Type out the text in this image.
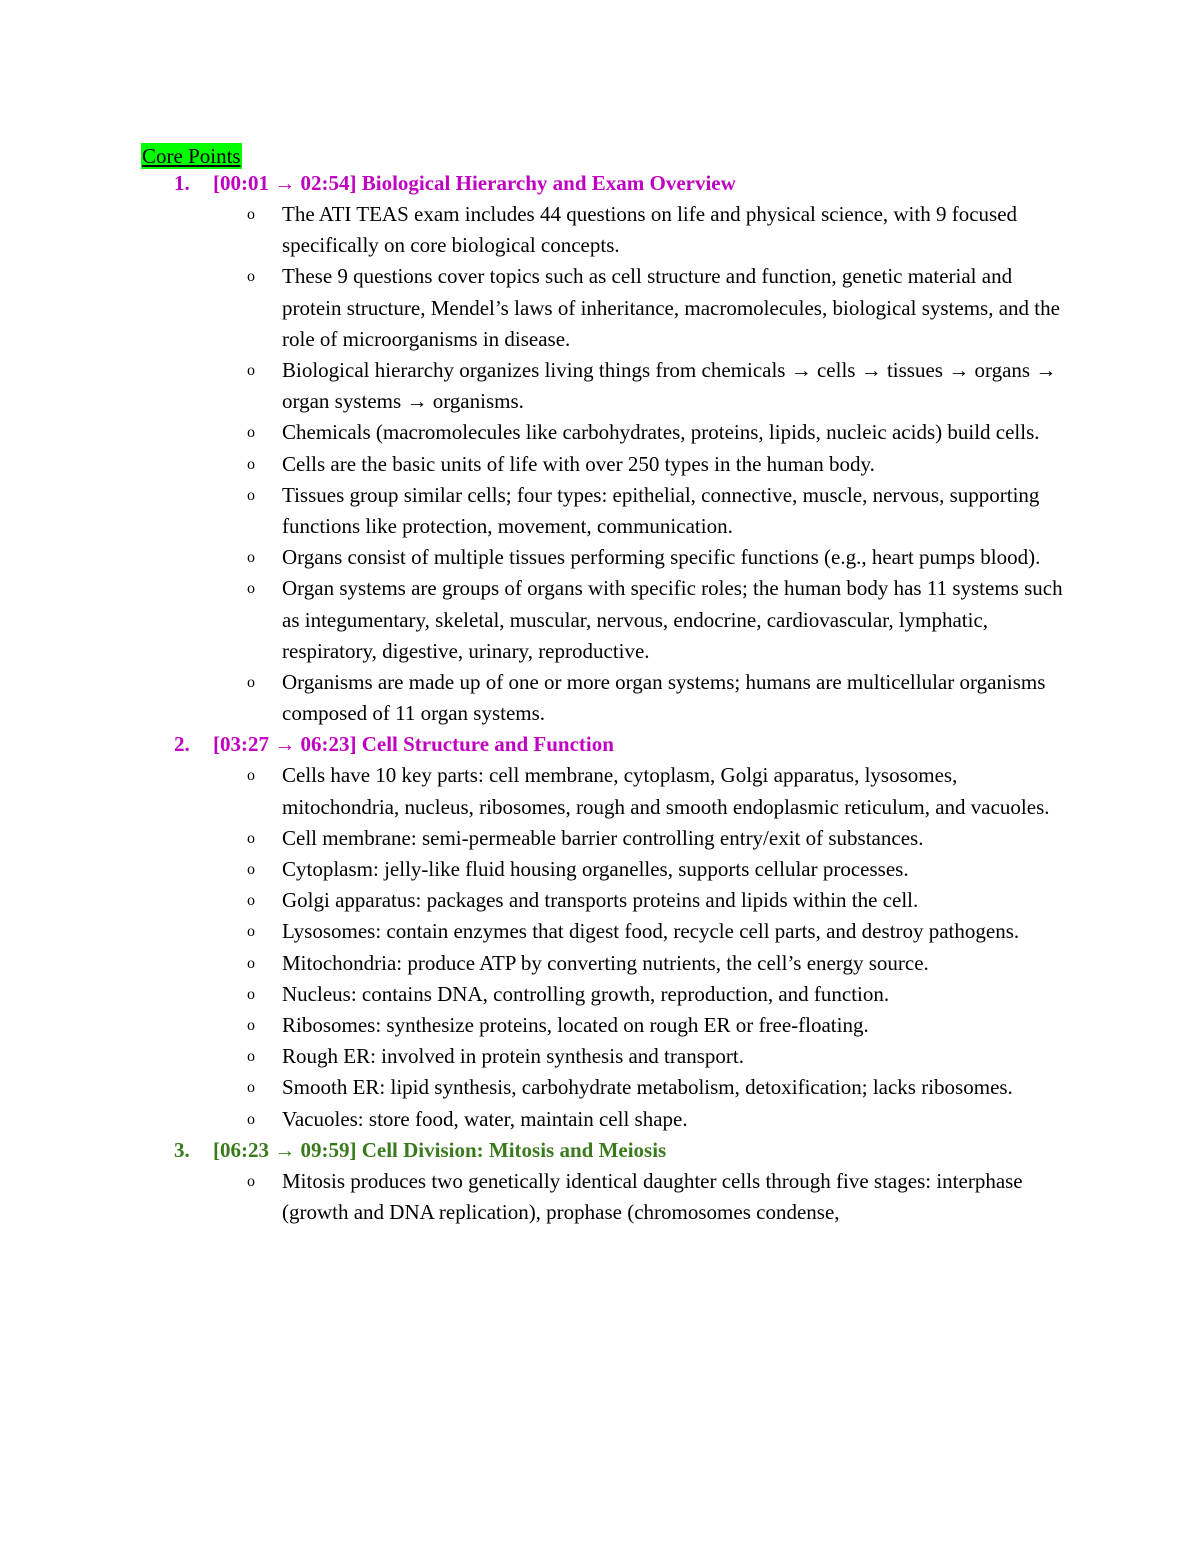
Core Points
1. [00:01 → 02:54] Biological Hierarchy and Exam Overview
o The ATI TEAS exam includes 44 questions on life and physical science, with 9 focused specifically on core biological concepts.
o These 9 questions cover topics such as cell structure and function, genetic material and protein structure, Mendel’s laws of inheritance, macromolecules, biological systems, and the role of microorganisms in disease.
o Biological hierarchy organizes living things from chemicals → cells → tissues → organs → organ systems → organisms.
o Chemicals (macromolecules like carbohydrates, proteins, lipids, nucleic acids) build cells.
o Cells are the basic units of life with over 250 types in the human body.
o Tissues group similar cells; four types: epithelial, connective, muscle, nervous, supporting functions like protection, movement, communication.
o Organs consist of multiple tissues performing specific functions (e.g., heart pumps blood).
o Organ systems are groups of organs with specific roles; the human body has 11 systems such as integumentary, skeletal, muscular, nervous, endocrine, cardiovascular, lymphatic, respiratory, digestive, urinary, reproductive.
o Organisms are made up of one or more organ systems; humans are multicellular organisms composed of 11 organ systems.
2. [03:27 → 06:23] Cell Structure and Function
o Cells have 10 key parts: cell membrane, cytoplasm, Golgi apparatus, lysosomes, mitochondria, nucleus, ribosomes, rough and smooth endoplasmic reticulum, and vacuoles.
o Cell membrane: semi-permeable barrier controlling entry/exit of substances.
o Cytoplasm: jelly-like fluid housing organelles, supports cellular processes.
o Golgi apparatus: packages and transports proteins and lipids within the cell.
o Lysosomes: contain enzymes that digest food, recycle cell parts, and destroy pathogens.
o Mitochondria: produce ATP by converting nutrients, the cell’s energy source.
o Nucleus: contains DNA, controlling growth, reproduction, and function.
o Ribosomes: synthesize proteins, located on rough ER or free-floating.
o Rough ER: involved in protein synthesis and transport.
o Smooth ER: lipid synthesis, carbohydrate metabolism, detoxification; lacks ribosomes.
o Vacuoles: store food, water, maintain cell shape.
3. [06:23 → 09:59] Cell Division: Mitosis and Meiosis
o Mitosis produces two genetically identical daughter cells through five stages: interphase (growth and DNA replication), prophase (chromosomes condense,
